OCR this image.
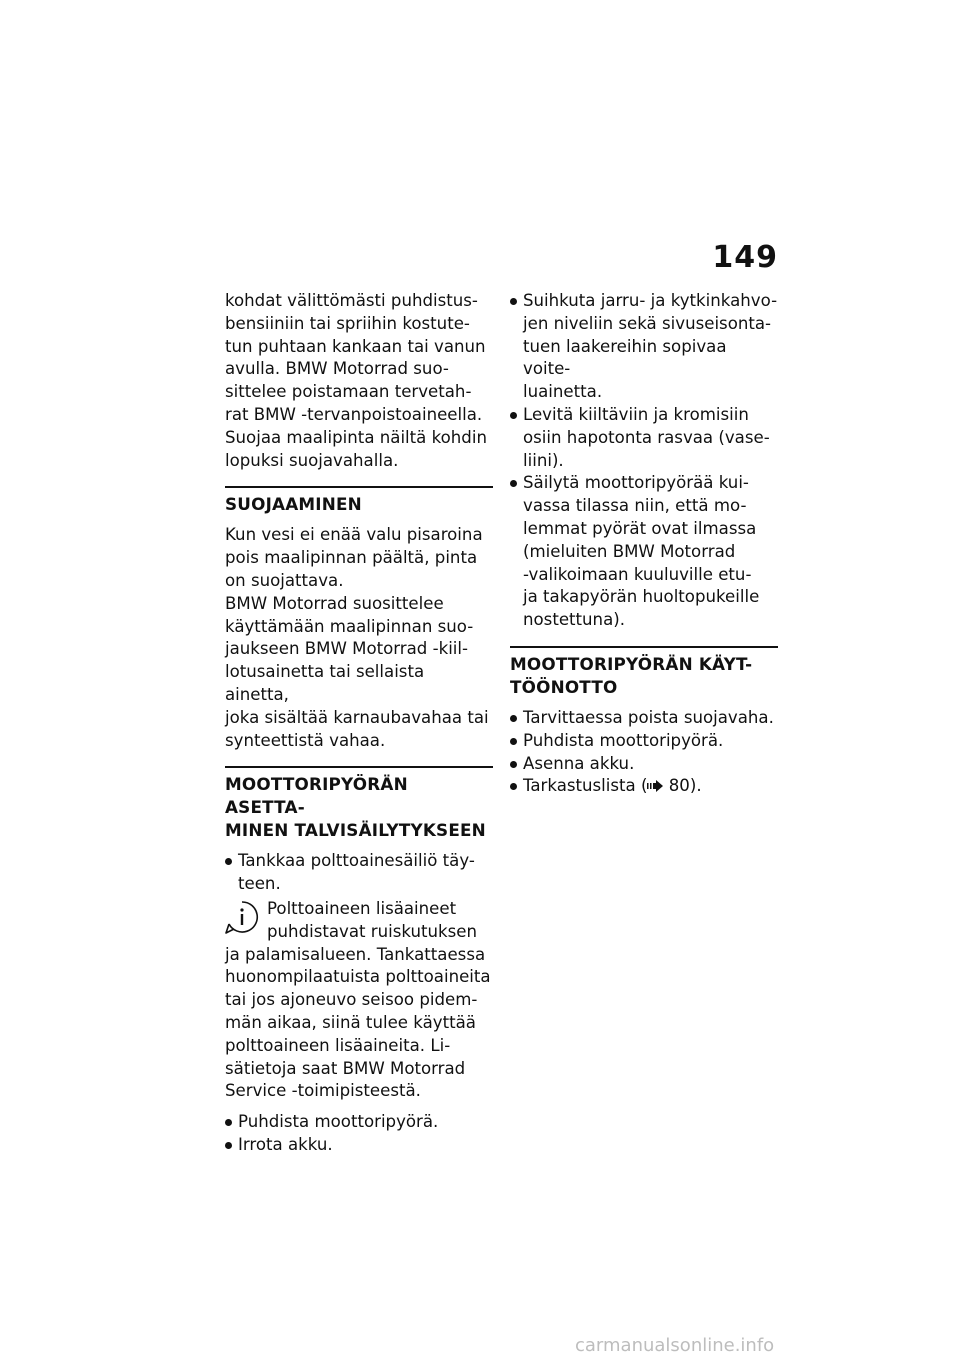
149

kohdat välittömästi puhdistus-
bensiiniin tai spriihin kostute-
tun puhtaan kankaan tai vanun
avulla. BMW Motorrad suo-
sittelee poistamaan tervetah-
rat BMW -tervanpoistoaineella.
Suojaa maalipinta näiltä kohdin
lopuksi suojavahalla.

SUOJAAMINEN

Kun vesi ei enää valu pisaroina
pois maalipinnan päältä, pinta
on suojattava.

BMW Motorrad suosittelee
käyttämään maalipinnan suo-
jaukseen BMW Motorrad -kiil-
lotusainetta tai sellaista ainetta,
joka sisältää karnaubavahaa tai
synteettistä vahaa.

MOOTTORIPYÖRÄN ASETTA-
MINEN TALVISÄILYTYKSEEN
Tankkaa polttoainesäiliö täy-
teen.
Polttoaineen lisäaineet
puhdistavat ruiskutuksen
ja palamisalueen. Tankattaessa
huonompilaatuista polttoaineita
tai jos ajoneuvo seisoo pidem-
män aikaa, siinä tulee käyttää
polttoaineen lisäaineita. Li-
sätietoja saat BMW Motorrad
Service -toimipisteestä.
Puhdista moottoripyörä.
Irrota akku.
Suihkuta jarru- ja kytkinkahvo-
jen niveliin sekä sivuseisonta-
tuen laakereihin sopivaa voite-
luainetta.
Levitä kiiltäviin ja kromisiin
osiin hapotonta rasvaa (vase-
liini).
Säilytä moottoripyörää kui-
vassa tilassa niin, että mo-
lemmat pyörät ovat ilmassa
(mieluiten BMW Motorrad
-valikoimaan kuuluville etu-
ja takapyörän huoltopukeille
nostettuna).
MOOTTORIPYÖRÄN KÄYT-
TÖÖNOTTO
Tarvittaessa poista suojavaha.
Puhdista moottoripyörä.
Asenna akku.
Tarkastuslista ( 80).
carmanualsonline.info
